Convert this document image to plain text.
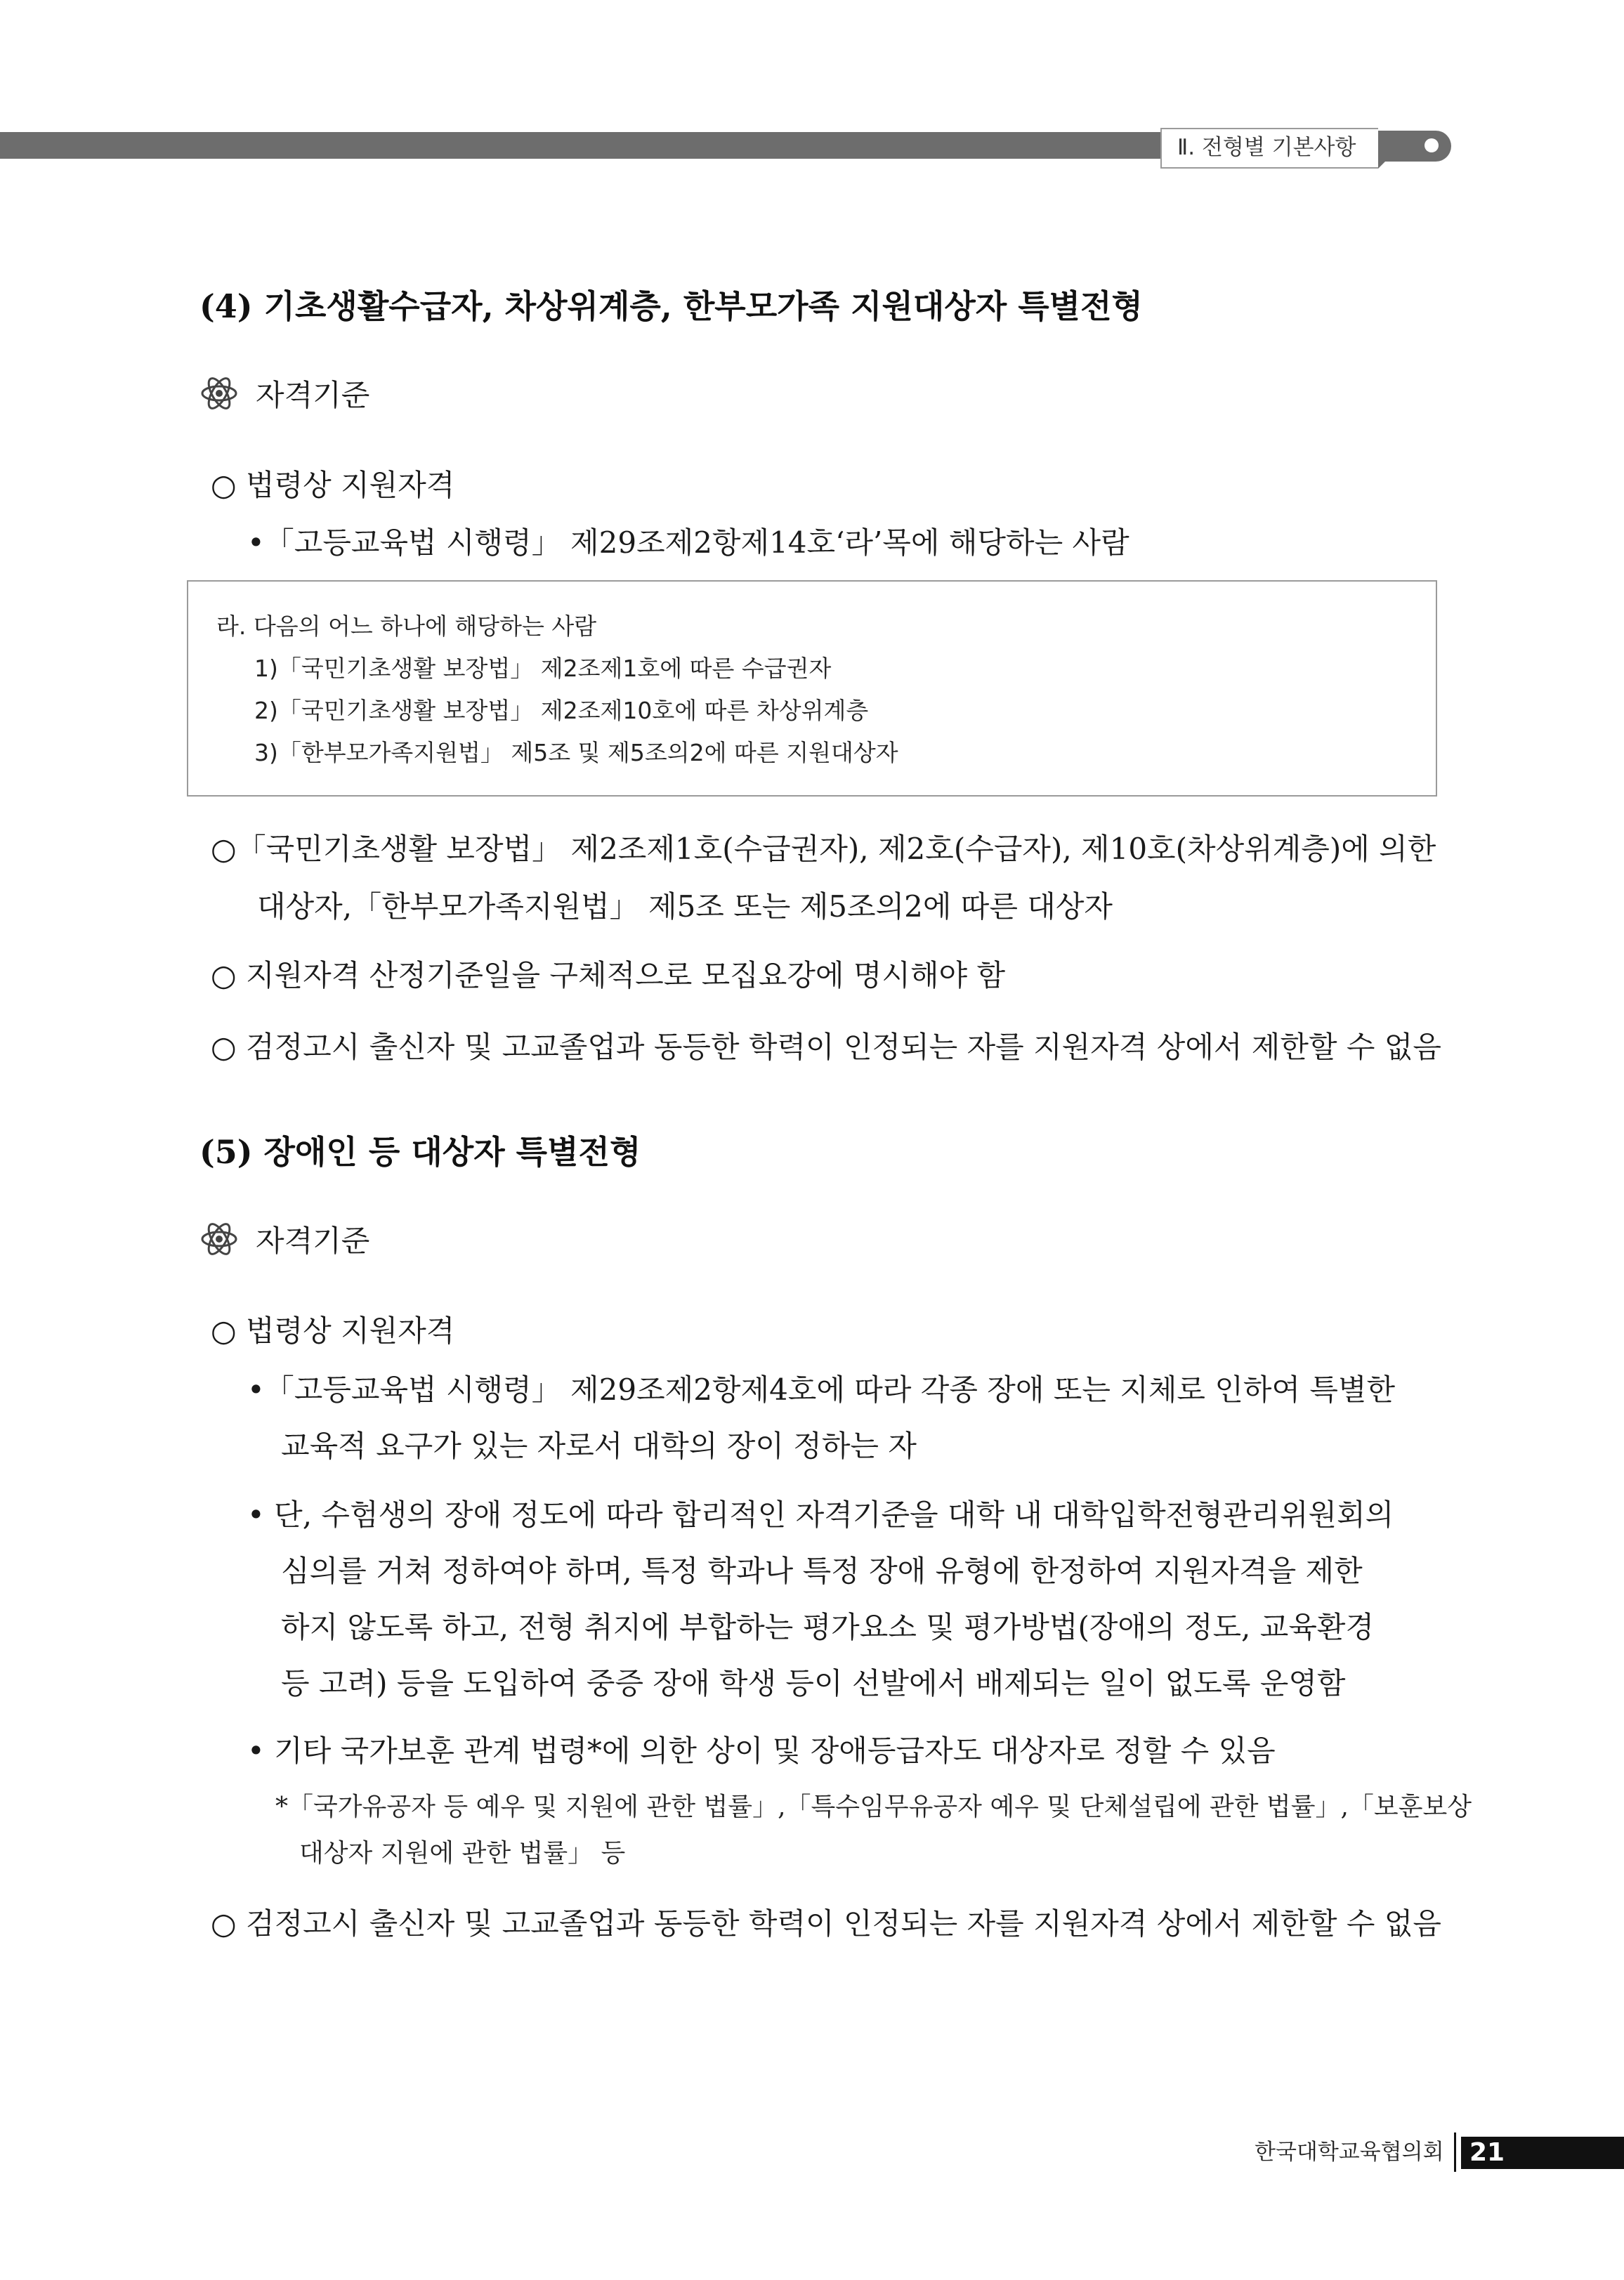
Ⅱ. 전형별 기본사항
(4) 기초생활수급자, 차상위계층, 한부모가족 지원대상자 특별전형
자격기준
○ 법령상 지원자격
•「고등교육법 시행령」 제29조제2항제14호‘라’목에 해당하는 사람
라. 다음의 어느 하나에 해당하는 사람
1)「국민기초생활 보장법」 제2조제1호에 따른 수급권자
2)「국민기초생활 보장법」 제2조제10호에 따른 차상위계층
3)「한부모가족지원법」 제5조 및 제5조의2에 따른 지원대상자
○「국민기초생활 보장법」 제2조제1호(수급권자), 제2호(수급자), 제10호(차상위계층)에 의한
대상자,「한부모가족지원법」 제5조 또는 제5조의2에 따른 대상자
○ 지원자격 산정기준일을 구체적으로 모집요강에 명시해야 함
○ 검정고시 출신자 및 고교졸업과 동등한 학력이 인정되는 자를 지원자격 상에서 제한할 수 없음
(5) 장애인 등 대상자 특별전형
자격기준
○ 법령상 지원자격
•「고등교육법 시행령」 제29조제2항제4호에 따라 각종 장애 또는 지체로 인하여 특별한
교육적 요구가 있는 자로서 대학의 장이 정하는 자
• 단, 수험생의 장애 정도에 따라 합리적인 자격기준을 대학 내 대학입학전형관리위원회의
심의를 거쳐 정하여야 하며, 특정 학과나 특정 장애 유형에 한정하여 지원자격을 제한
하지 않도록 하고, 전형 취지에 부합하는 평가요소 및 평가방법(장애의 정도, 교육환경
등 고려) 등을 도입하여 중증 장애 학생 등이 선발에서 배제되는 일이 없도록 운영함
• 기타 국가보훈 관계 법령*에 의한 상이 및 장애등급자도 대상자로 정할 수 있음
*「국가유공자 등 예우 및 지원에 관한 법률」,「특수임무유공자 예우 및 단체설립에 관한 법률」,「보훈보상
대상자 지원에 관한 법률」 등
○ 검정고시 출신자 및 고교졸업과 동등한 학력이 인정되는 자를 지원자격 상에서 제한할 수 없음
한국대학교육협의회 21
